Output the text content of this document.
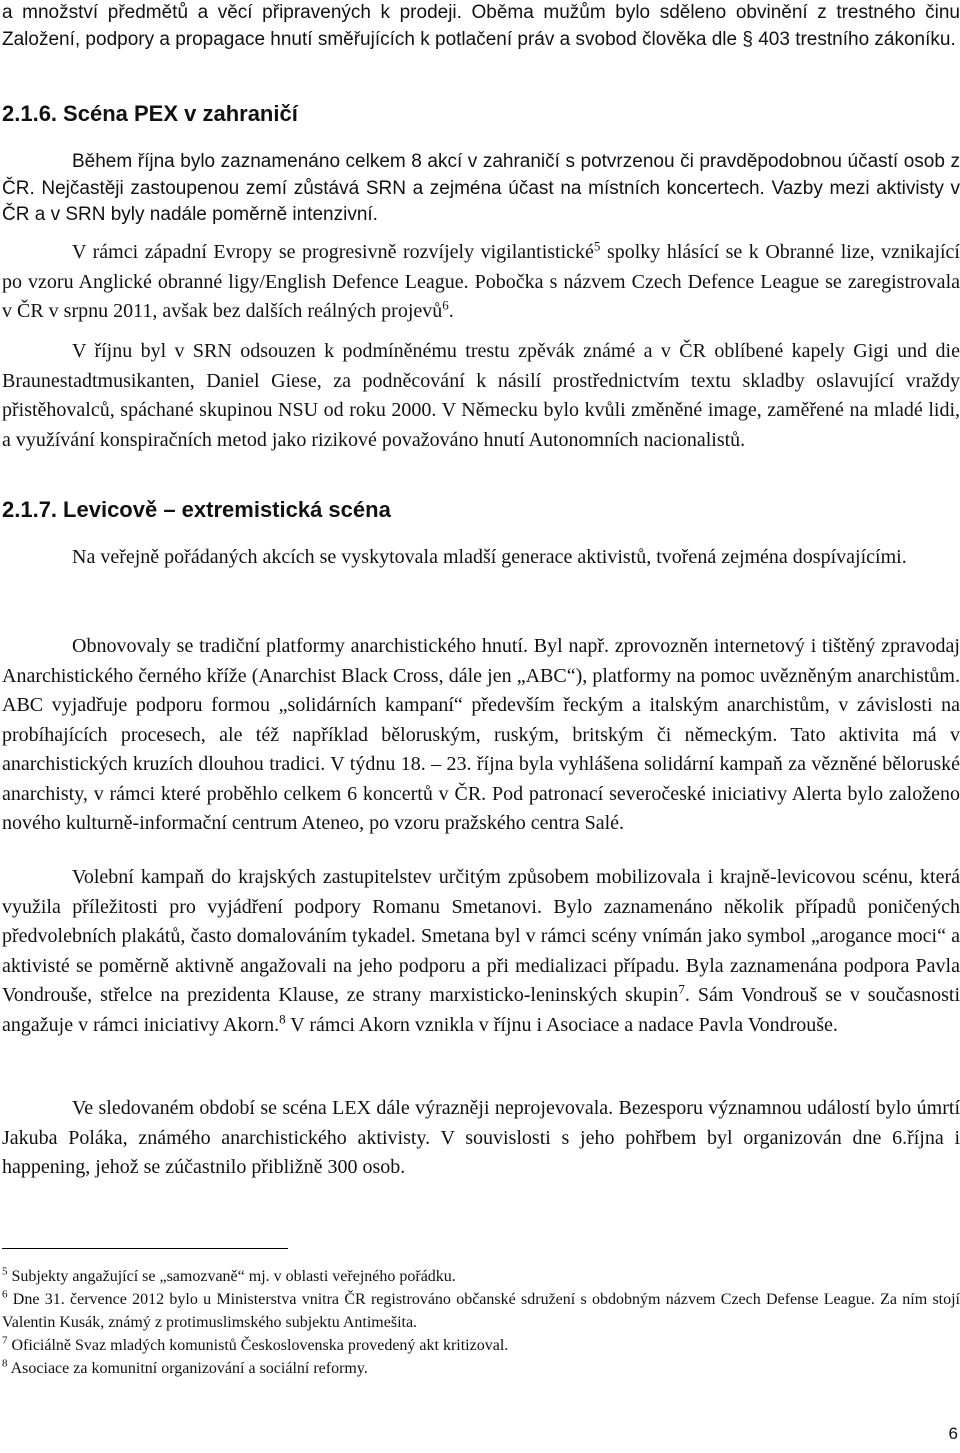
a množství předmětů a věcí připravených k prodeji. Oběma mužům bylo sděleno obvinění z trestného činu Založení, podpory a propagace hnutí směřujících k potlačení práv a svobod člověka dle § 403 trestního zákoníku.

2.1.6. Scéna PEX v zahraničí

Během října bylo zaznamenáno celkem 8 akcí v zahraničí s potvrzenou či pravděpodobnou účastí osob z ČR. Nejčastěji zastoupenou zemí zůstává SRN a zejména účast na místních koncertech. Vazby mezi aktivisty v ČR a v SRN byly nadále poměrně intenzivní.

V rámci západní Evropy se progresivně rozvíjely vigilantistické$^5$ spolky hlásící se k Obranné lize, vznikající po vzoru Anglické obranné ligy/English Defence League. Pobočka s názvem Czech Defence League se zaregistrovala v ČR v srpnu 2011, avšak bez dalších reálných projevů$^6$.

V říjnu byl v SRN odsouzen k podmíněnému trestu zpěvák známé a v ČR oblíbené kapely Gigi und die Braunestadtmusikanten, Daniel Giese, za podněcování k násilí prostřednictvím textu skladby oslavující vraždy přistěhovalců, spáchané skupinou NSU od roku 2000. V Německu bylo kvůli změněné image, zaměřené na mladé lidi, a využívání konspiračních metod jako rizikové považováno hnutí Autonomních nacionalistů.

2.1.7. Levicově – extremistická scéna

Na veřejně pořádaných akcích se vyskytovala mladší generace aktivistů, tvořená zejména dospívajícími.

Obnovovaly se tradiční platformy anarchistického hnutí. Byl např. zprovozněn internetový i tištěný zpravodaj Anarchistického černého kříže (Anarchist Black Cross, dále jen „ABC“), platformy na pomoc uvězněným anarchistům. ABC vyjadřuje podporu formou „solidárních kampaní“ především řeckým a italským anarchistům, v závislosti na probíhajících procesech, ale též například běloruským, ruským, britským či německým. Tato aktivita má v anarchistických kruzích dlouhou tradici. V týdnu 18. – 23. října byla vyhlášena solidární kampaň za vězněné běloruské anarchisty, v rámci které proběhlo celkem 6 koncertů v ČR. Pod patronací severočeské iniciativy Alerta bylo založeno nového kulturně-informační centrum Ateneo, po vzoru pražského centra Salé.

Volební kampaň do krajských zastupitelstev určitým způsobem mobilizovala i krajně-levicovou scénu, která využila příležitosti pro vyjádření podpory Romanu Smetanovi. Bylo zaznamenáno několik případů poničených předvolebních plakátů, často domalováním tykadel. Smetana byl v rámci scény vnímán jako symbol „arogance moci“ a aktivisté se poměrně aktivně angažovali na jeho podporu a při medializaci případu. Byla zaznamenána podpora Pavla Vondrouše, střelce na prezidenta Klause, ze strany marxisticko-leninských skupin$^7$. Sám Vondrouš se v současnosti angažuje v rámci iniciativy Akorn.$^8$ V rámci Akorn vznikla v říjnu i Asociace a nadace Pavla Vondrouše.

Ve sledovaném období se scéna LEX dále výrazněji neprojevovala. Bezesporu významnou událostí bylo úmrtí Jakuba Poláka, známého anarchistického aktivisty. V souvislosti s jeho pohřbem byl organizován dne 6.října i happening, jehož se zúčastnilo přibližně 300 osob.

$^5$ Subjekty angažující se „samozvaně“ mj. v oblasti veřejného pořádku.

$^6$ Dne 31. července 2012 bylo u Ministerstva vnitra ČR registrováno občanské sdružení s obdobným názvem Czech Defense League. Za ním stojí Valentin Kusák, známý z protimuslimského subjektu Antimešita.

$^7$ Oficiálně Svaz mladých komunistů Československa provedený akt kritizoval.

$^8$ Asociace za komunitní organizování a sociální reformy.

6
